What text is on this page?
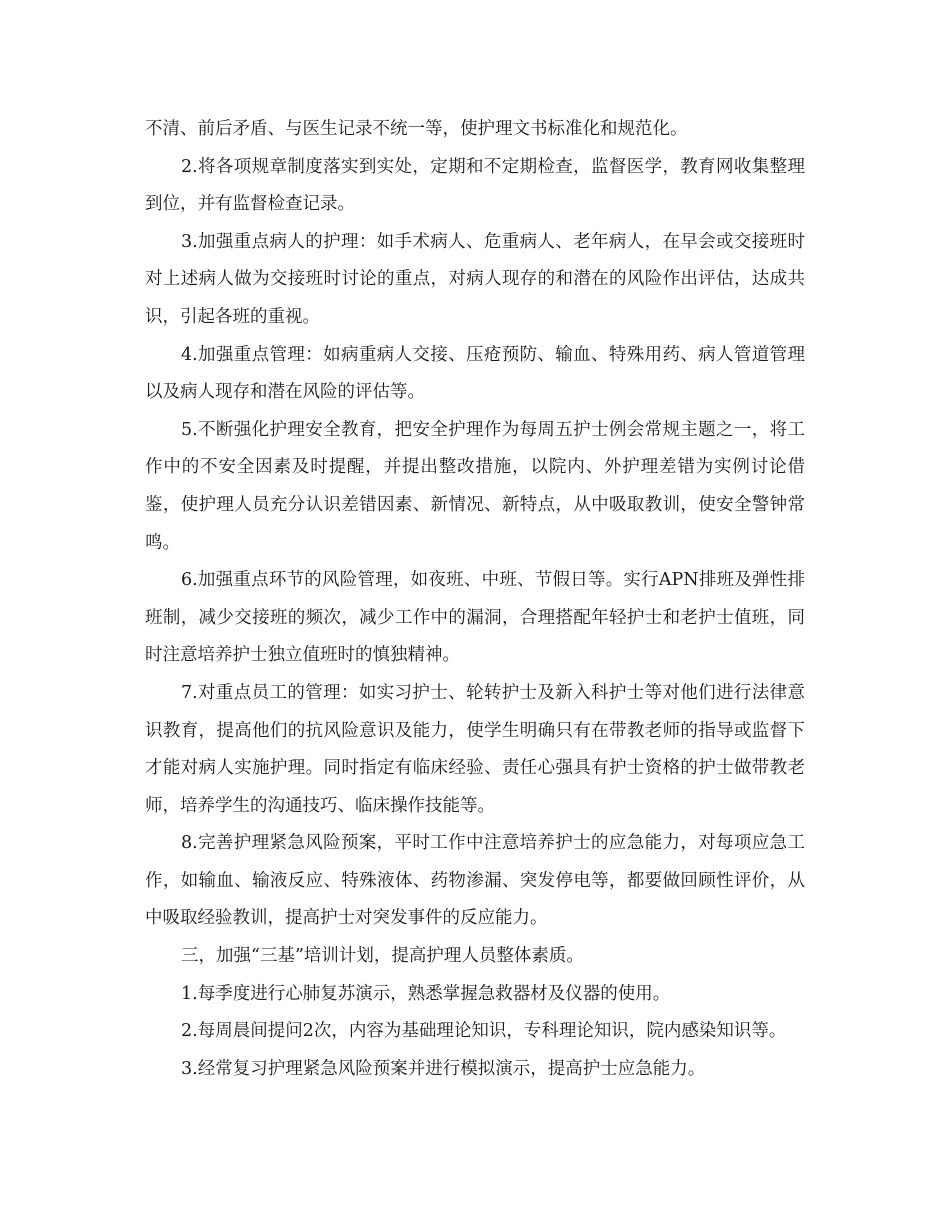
不清、前后矛盾、与医生记录不统一等，使护理文书标准化和规范化。

2.将各项规章制度落实到实处，定期和不定期检查，监督医学，教育网收集整理到位，并有监督检查记录。

3.加强重点病人的护理：如手术病人、危重病人、老年病人，在早会或交接班时对上述病人做为交接班时讨论的重点，对病人现存的和潜在的风险作出评估，达成共识，引起各班的重视。

4.加强重点管理：如病重病人交接、压疮预防、输血、特殊用药、病人管道管理以及病人现存和潜在风险的评估等。

5.不断强化护理安全教育，把安全护理作为每周五护士例会常规主题之一，将工作中的不安全因素及时提醒，并提出整改措施，以院内、外护理差错为实例讨论借鉴，使护理人员充分认识差错因素、新情况、新特点，从中吸取教训，使安全警钟常鸣。

6.加强重点环节的风险管理，如夜班、中班、节假日等。实行APN排班及弹性排班制，减少交接班的频次，减少工作中的漏洞，合理搭配年轻护士和老护士值班，同时注意培养护士独立值班时的慎独精神。

7.对重点员工的管理：如实习护士、轮转护士及新入科护士等对他们进行法律意识教育，提高他们的抗风险意识及能力，使学生明确只有在带教老师的指导或监督下才能对病人实施护理。同时指定有临床经验、责任心强具有护士资格的护士做带教老师，培养学生的沟通技巧、临床操作技能等。

8.完善护理紧急风险预案，平时工作中注意培养护士的应急能力，对每项应急工作，如输血、输液反应、特殊液体、药物渗漏、突发停电等，都要做回顾性评价，从中吸取经验教训，提高护士对突发事件的反应能力。

三，加强“三基”培训计划，提高护理人员整体素质。

1.每季度进行心肺复苏演示，熟悉掌握急救器材及仪器的使用。

2.每周晨间提问2次，内容为基础理论知识，专科理论知识，院内感染知识等。

3.经常复习护理紧急风险预案并进行模拟演示，提高护士应急能力。
